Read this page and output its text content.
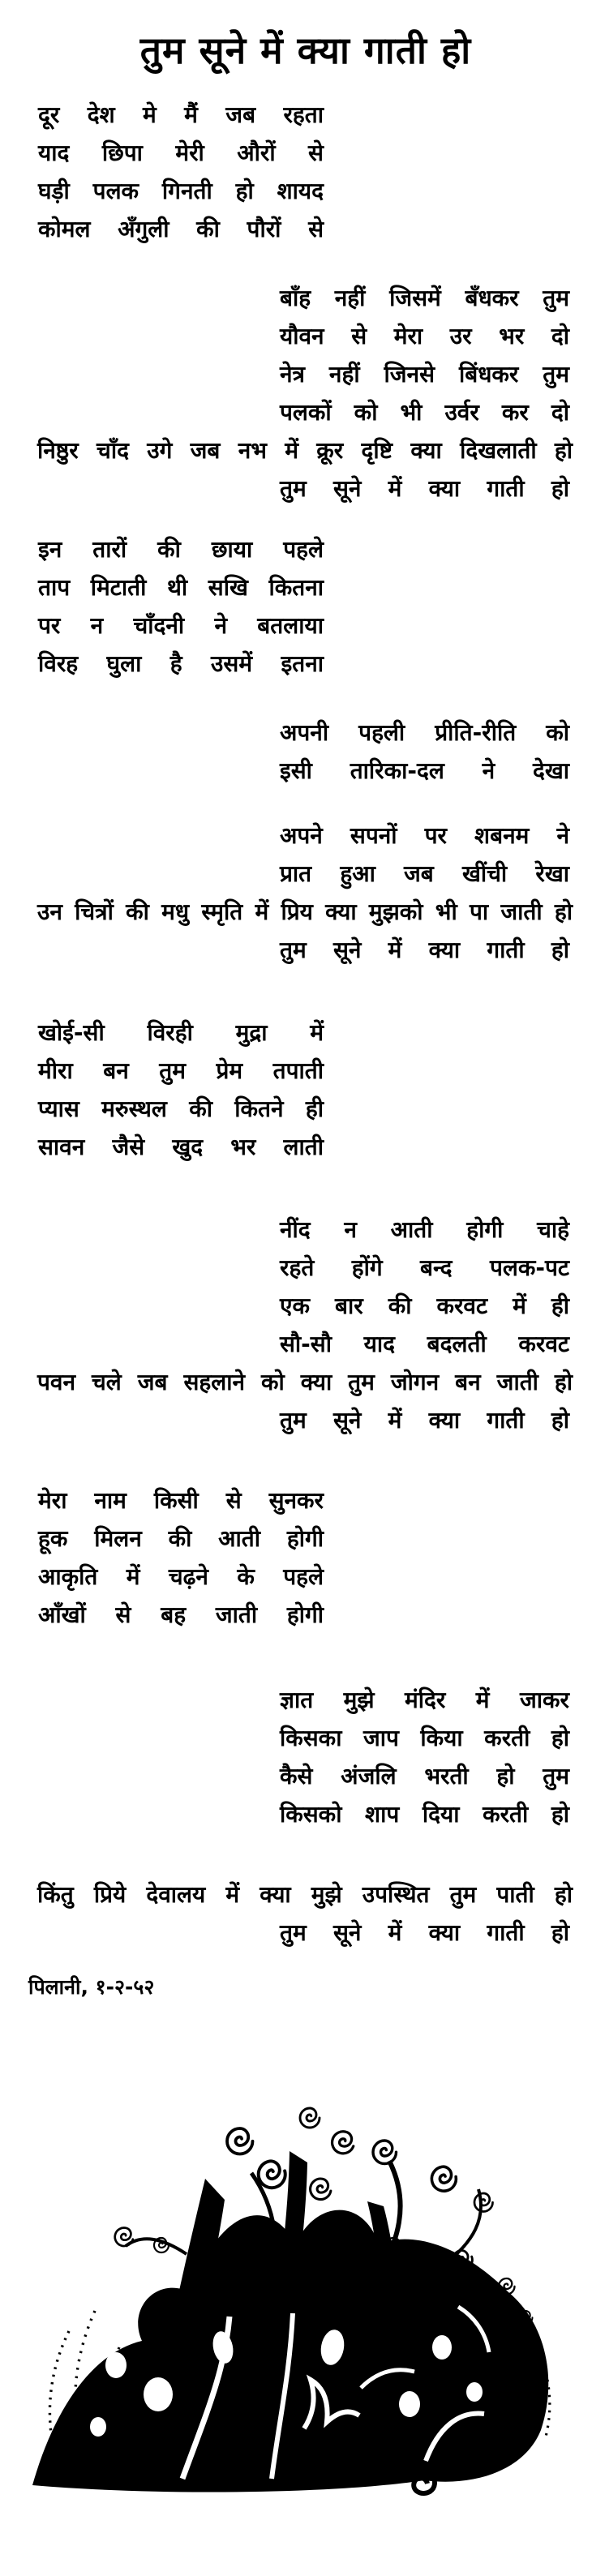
तुम सूने में क्या गाती हो
दूर देश मे मैं जब रहता
याद छिपा मेरी औरों से
घड़ी पलक गिनती हो शायद
कोमल अँगुली की पौरों से
बाँह नहीं जिसमें बँधकर तुम
यौवन से मेरा उर भर दो
नेत्र नहीं जिनसे बिंधकर तुम
पलकों को भी उर्वर कर दो
निष्ठुर चाँद उगे जब नभ में क्रूर दृष्टि क्या दिखलाती हो
तुम सूने में क्या गाती हो
इन तारों की छाया पहले
ताप मिटाती थी सखि कितना
पर न चाँदनी ने बतलाया
विरह घुला है उसमें इतना
अपनी पहली प्रीति-रीति को
इसी तारिका-दल ने देखा
अपने सपनों पर शबनम ने
प्रात हुआ जब खींची रेखा
उन चित्रों की मधु स्मृति में प्रिय क्या मुझको भी पा जाती हो
तुम सूने में क्या गाती हो
खोई-सी विरही मुद्रा में
मीरा बन तुम प्रेम तपाती
प्यास मरुस्थल की कितने ही
सावन जैसे खुद भर लाती
नींद न आती होगी चाहे
रहते होंगे बन्द पलक-पट
एक बार की करवट में ही
सौ-सौ याद बदलती करवट
पवन चले जब सहलाने को क्या तुम जोगन बन जाती हो
तुम सूने में क्या गाती हो
मेरा नाम किसी से सुनकर
हूक मिलन की आती होगी
आकृति में चढ़ने के पहले
आँखों से बह जाती होगी
ज्ञात मुझे मंदिर में जाकर
किसका जाप किया करती हो
कैसे अंजलि भरती हो तुम
किसको शाप दिया करती हो
किंतु प्रिये देवालय में क्या मुझे उपस्थित तुम पाती हो
तुम सूने में क्या गाती हो
पिलानी, १-२-५२
